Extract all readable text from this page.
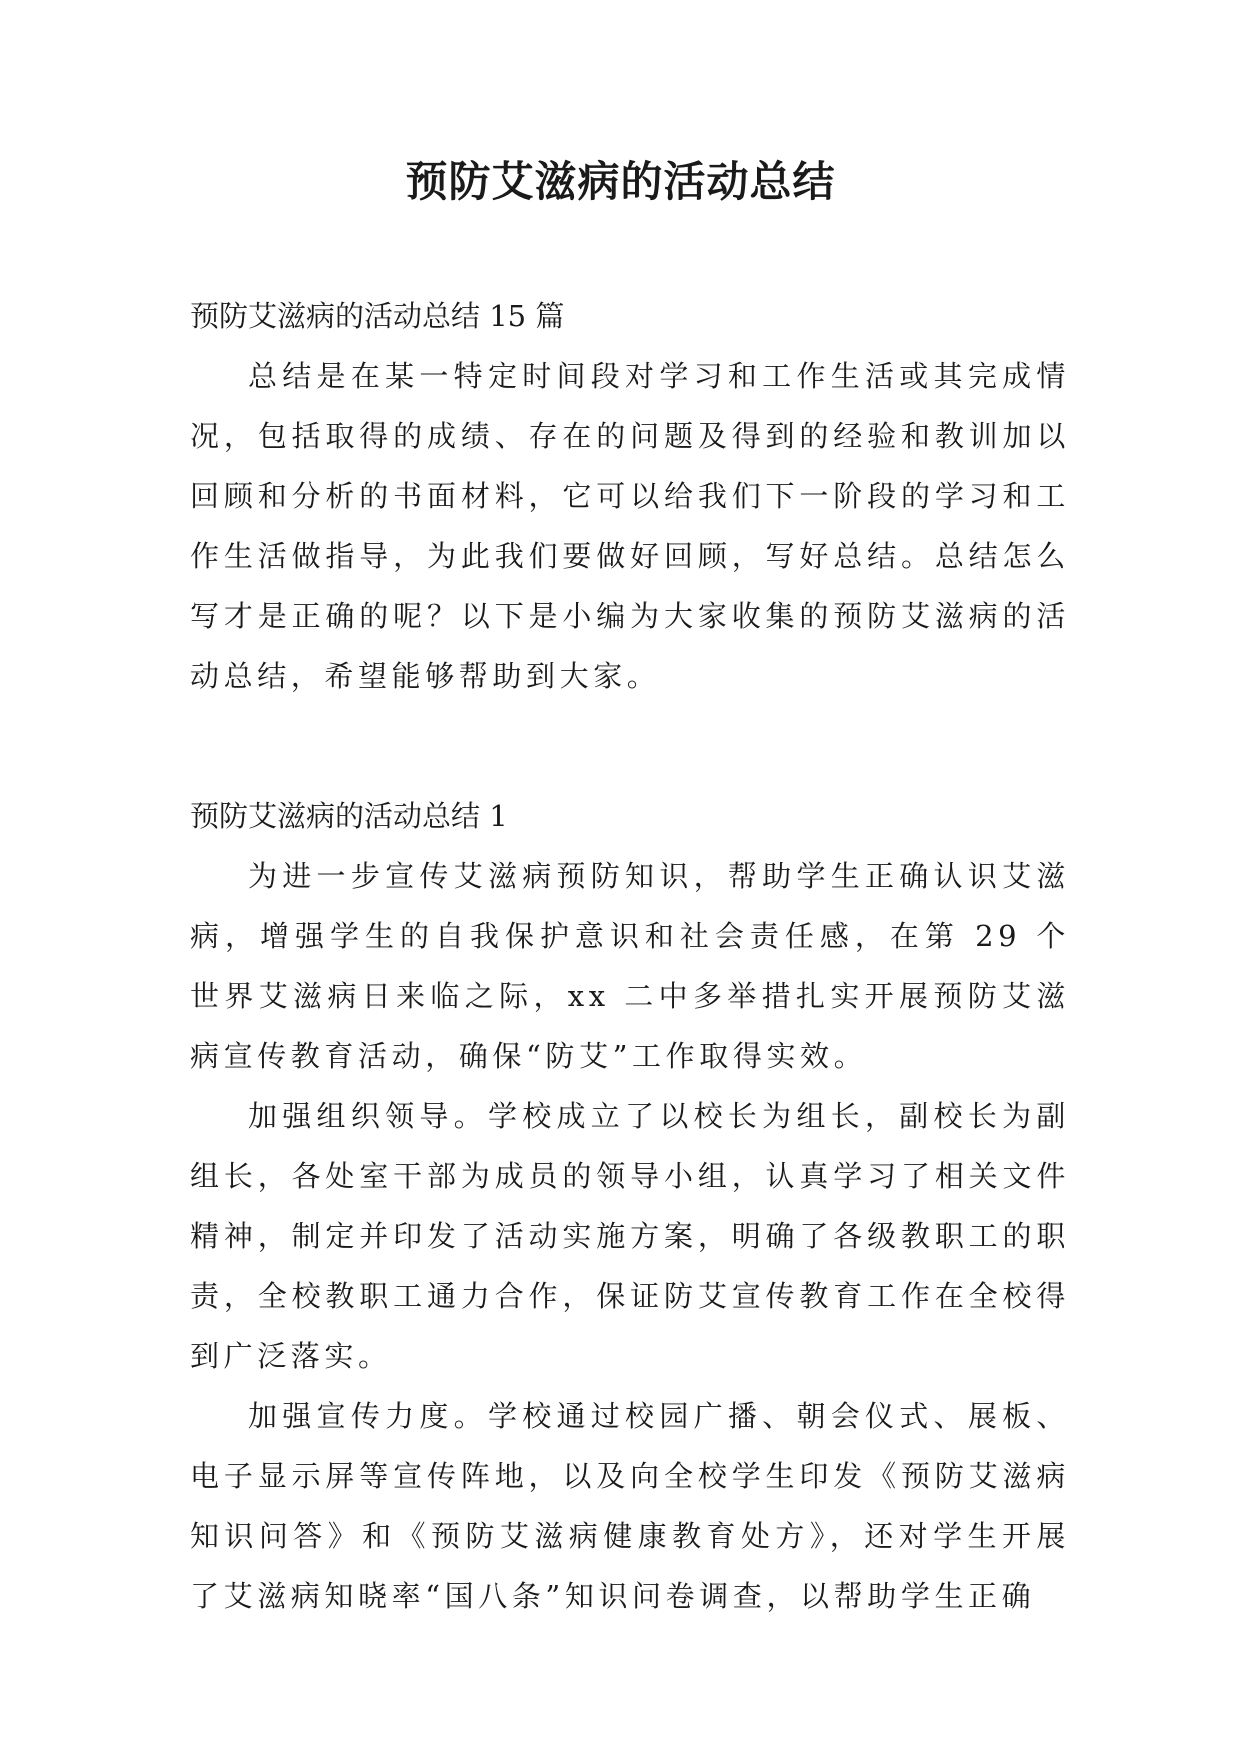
预防艾滋病的活动总结
预防艾滋病的活动总结 15 篇

总结是在某一特定时间段对学习和工作生活或其完成情况，包括取得的成绩、存在的问题及得到的经验和教训加以回顾和分析的书面材料，它可以给我们下一阶段的学习和工作生活做指导，为此我们要做好回顾，写好总结。总结怎么写才是正确的呢？以下是小编为大家收集的预防艾滋病的活动总结，希望能够帮助到大家。

预防艾滋病的活动总结 1

为进一步宣传艾滋病预防知识，帮助学生正确认识艾滋病，增强学生的自我保护意识和社会责任感，在第 29 个世界艾滋病日来临之际，xx 二中多举措扎实开展预防艾滋病宣传教育活动，确保“防艾”工作取得实效。

加强组织领导。学校成立了以校长为组长，副校长为副组长，各处室干部为成员的领导小组，认真学习了相关文件精神，制定并印发了活动实施方案，明确了各级教职工的职责，全校教职工通力合作，保证防艾宣传教育工作在全校得到广泛落实。

加强宣传力度。学校通过校园广播、朝会仪式、展板、电子显示屏等宣传阵地，以及向全校学生印发《预防艾滋病知识问答》和《预防艾滋病健康教育处方》，还对学生开展了艾滋病知晓率“国八条”知识问卷调查，以帮助学生正确
